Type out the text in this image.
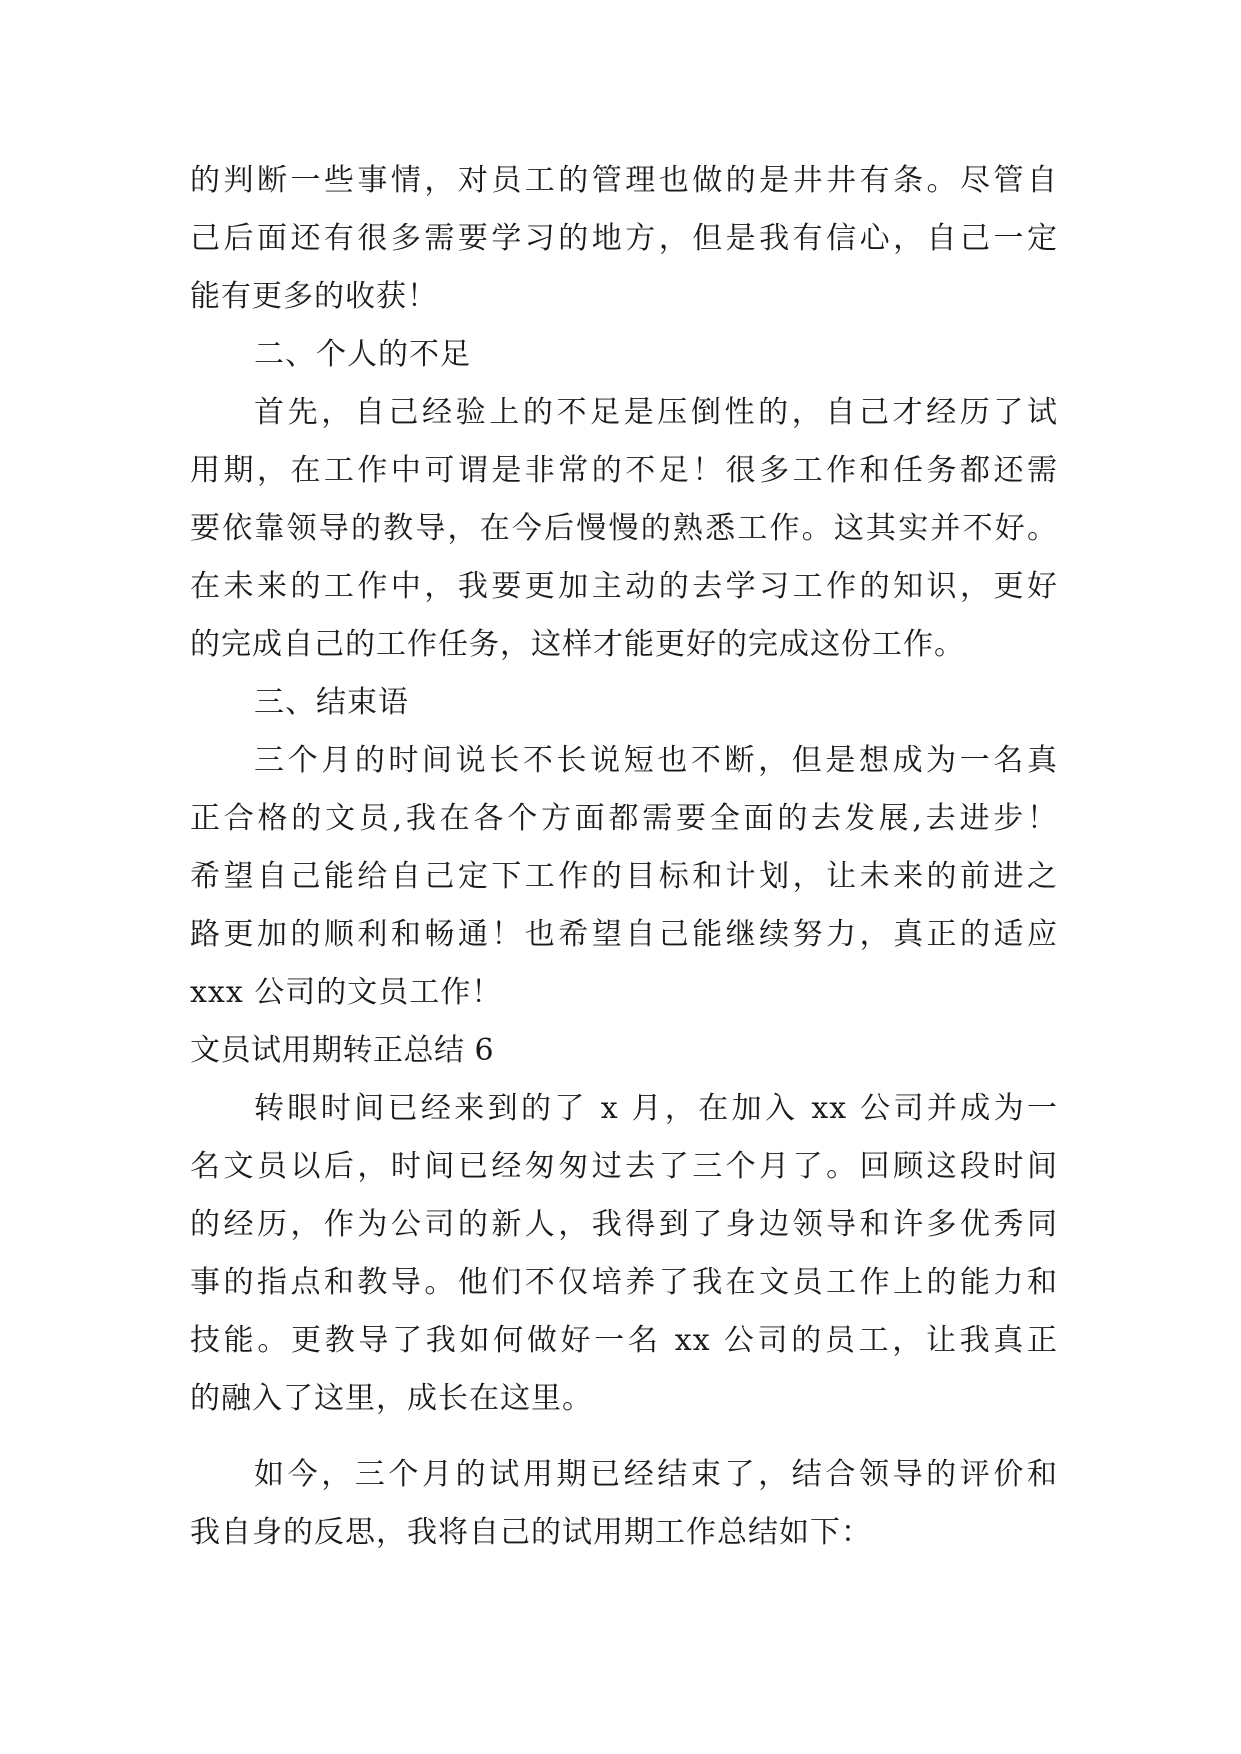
的判断一些事情，对员工的管理也做的是井井有条。尽管自
己后面还有很多需要学习的地方，但是我有信心，自己一定
能有更多的收获！
二、个人的不足
首先，自己经验上的不足是压倒性的，自己才经历了试
用期，在工作中可谓是非常的不足！很多工作和任务都还需
要依靠领导的教导，在今后慢慢的熟悉工作。这其实并不好。
在未来的工作中，我要更加主动的去学习工作的知识，更好
的完成自己的工作任务，这样才能更好的完成这份工作。
三、结束语
三个月的时间说长不长说短也不断，但是想成为一名真
正合格的文员,我在各个方面都需要全面的去发展,去进步！
希望自己能给自己定下工作的目标和计划，让未来的前进之
路更加的顺利和畅通！也希望自己能继续努力，真正的适应
xxx 公司的文员工作！
文员试用期转正总结 6
转眼时间已经来到的了 x 月，在加入 xx 公司并成为一
名文员以后，时间已经匆匆过去了三个月了。回顾这段时间
的经历，作为公司的新人，我得到了身边领导和许多优秀同
事的指点和教导。他们不仅培养了我在文员工作上的能力和
技能。更教导了我如何做好一名 xx 公司的员工，让我真正
的融入了这里，成长在这里。
如今，三个月的试用期已经结束了，结合领导的评价和
我自身的反思，我将自己的试用期工作总结如下：
